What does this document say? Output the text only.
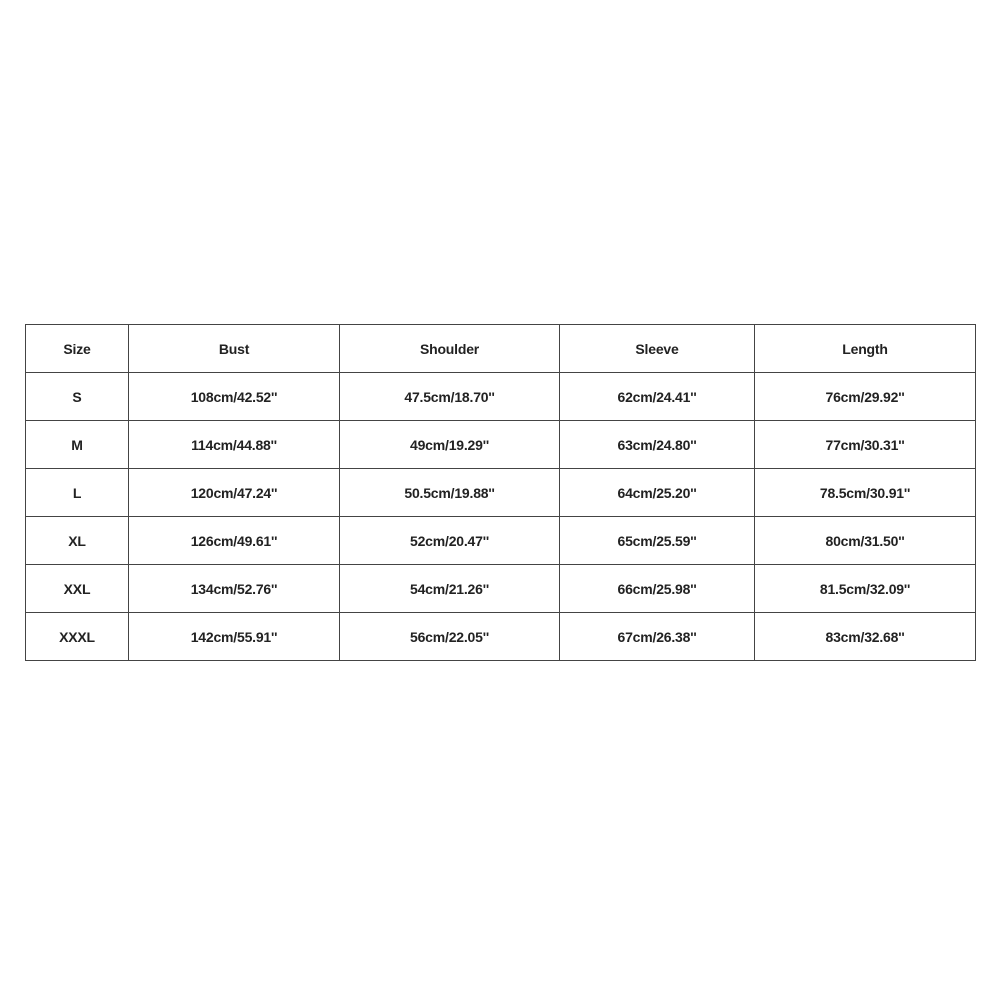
Size	Bust	Shoulder	Sleeve	Length
S	108cm/42.52''	47.5cm/18.70''	62cm/24.41''	76cm/29.92''
M	114cm/44.88''	49cm/19.29''	63cm/24.80''	77cm/30.31''
L	120cm/47.24''	50.5cm/19.88''	64cm/25.20''	78.5cm/30.91''
XL	126cm/49.61''	52cm/20.47''	65cm/25.59''	80cm/31.50''
XXL	134cm/52.76''	54cm/21.26''	66cm/25.98''	81.5cm/32.09''
XXXL	142cm/55.91''	56cm/22.05''	67cm/26.38''	83cm/32.68''
